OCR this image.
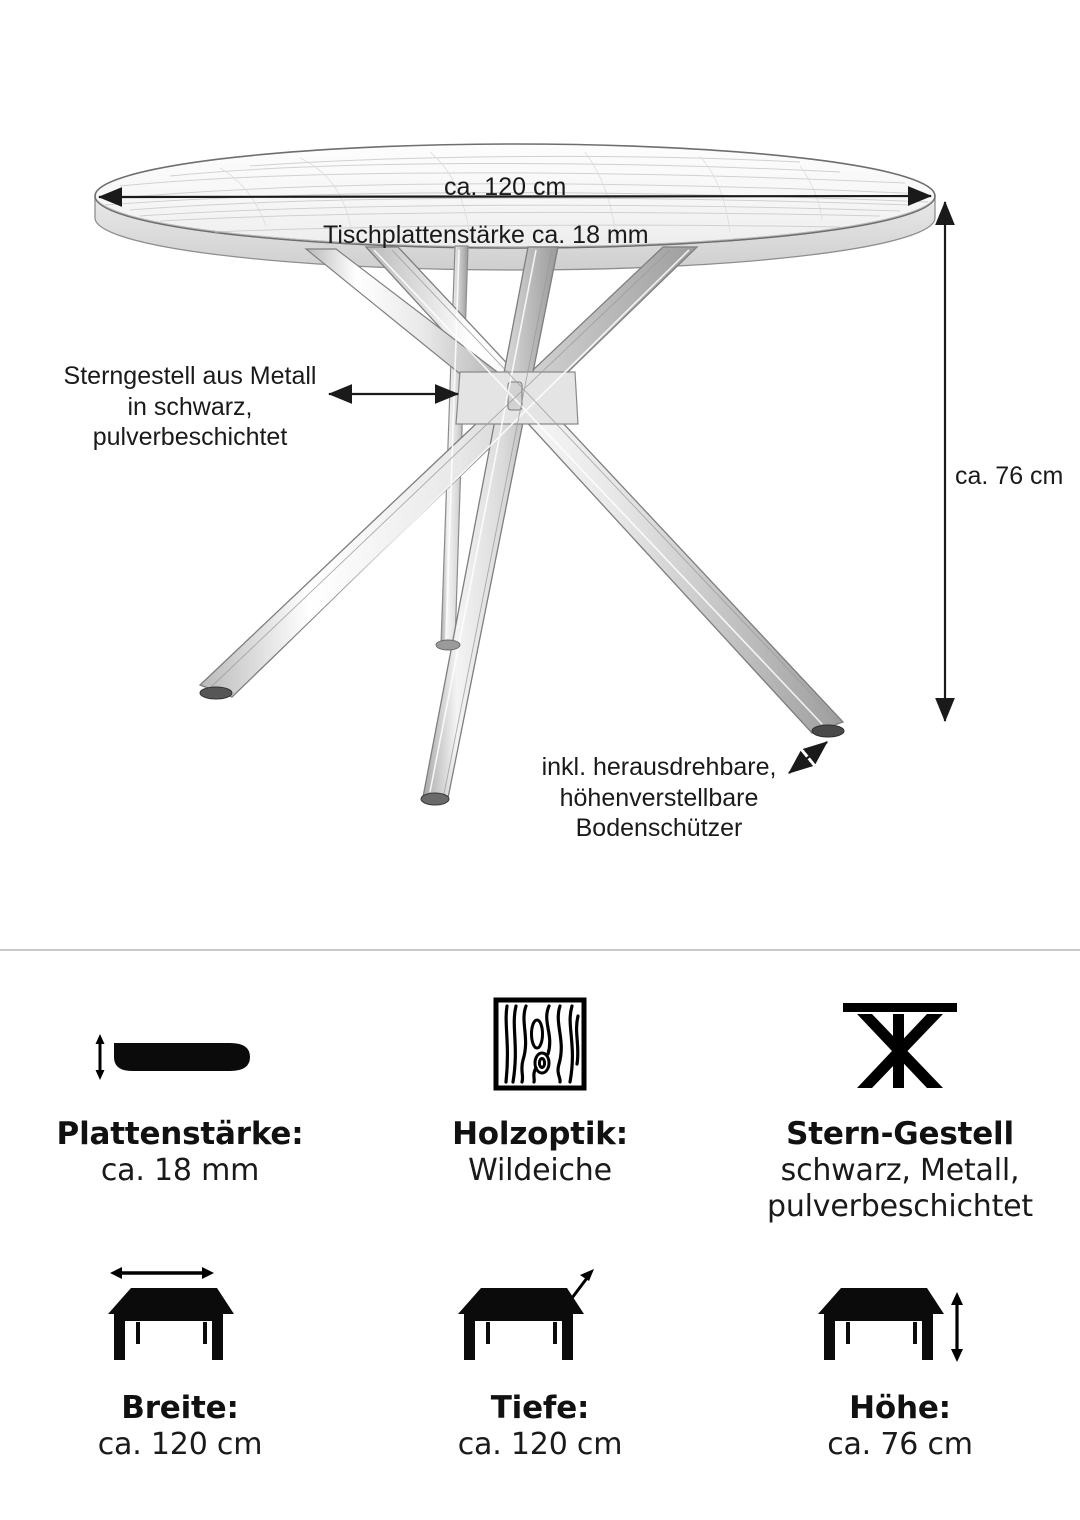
ca. 120 cm
Tischplattenstärke ca. 18 mm
ca. 76 cm
Sterngestell aus Metall
in schwarz,
pulverbeschichtet
inkl. herausdrehbare,
höhenverstellbare
Bodenschützer
Plattenstärke:
ca. 18 mm
Holzoptik:
Wildeiche
Stern-Gestell
schwarz, Metall,
pulverbeschichtet
Breite:
ca. 120 cm
Tiefe:
ca. 120 cm
Höhe:
ca. 76 cm
